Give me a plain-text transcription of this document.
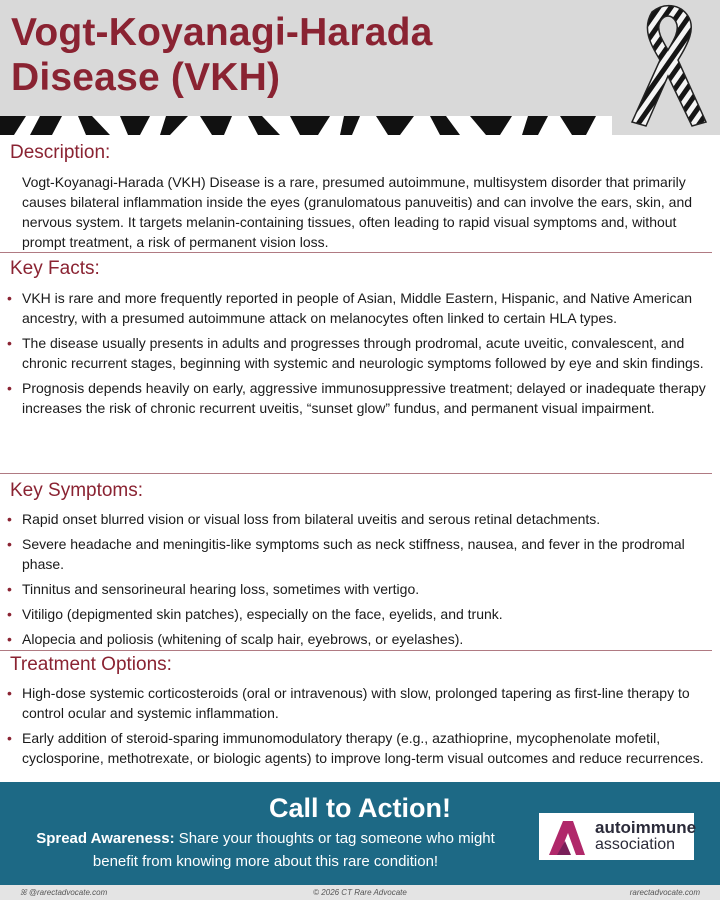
Vogt-Koyanagi-Harada
Disease (VKH)
Description:
Vogt-Koyanagi-Harada (VKH) Disease is a rare, presumed autoimmune, multisystem disorder that primarily causes bilateral inflammation inside the eyes (granulomatous panuveitis) and can involve the ears, skin, and nervous system. It targets melanin-containing tissues, often leading to rapid visual symptoms and, without prompt treatment, a risk of permanent vision loss.
Key Facts:
• VKH is rare and more frequently reported in people of Asian, Middle Eastern, Hispanic, and Native American ancestry, with a presumed autoimmune attack on melanocytes often linked to certain HLA types.
• The disease usually presents in adults and progresses through prodromal, acute uveitic, convalescent, and chronic recurrent stages, beginning with systemic and neurologic symptoms followed by eye and skin findings.
• Prognosis depends heavily on early, aggressive immunosuppressive treatment; delayed or inadequate therapy increases the risk of chronic recurrent uveitis, “sunset glow” fundus, and permanent visual impairment.
Key Symptoms:
• Rapid onset blurred vision or visual loss from bilateral uveitis and serous retinal detachments.
• Severe headache and meningitis-like symptoms such as neck stiffness, nausea, and fever in the prodromal phase.
• Tinnitus and sensorineural hearing loss, sometimes with vertigo.
• Vitiligo (depigmented skin patches), especially on the face, eyelids, and trunk.
• Alopecia and poliosis (whitening of scalp hair, eyebrows, or eyelashes).
Treatment Options:
• High-dose systemic corticosteroids (oral or intravenous) with slow, prolonged tapering as first-line therapy to control ocular and systemic inflammation.
• Early addition of steroid-sparing immunomodulatory therapy (e.g., azathioprine, mycophenolate mofetil, cyclosporine, methotrexate, or biologic agents) to improve long-term visual outcomes and reduce recurrences.
Call to Action!
Spread Awareness: Share your thoughts or tag someone who might benefit from knowing more about this rare condition!
autoimmune
association
ꕤ @rarectadvocate.com	© 2026 CT Rare Advocate	rarectadvocate.com
